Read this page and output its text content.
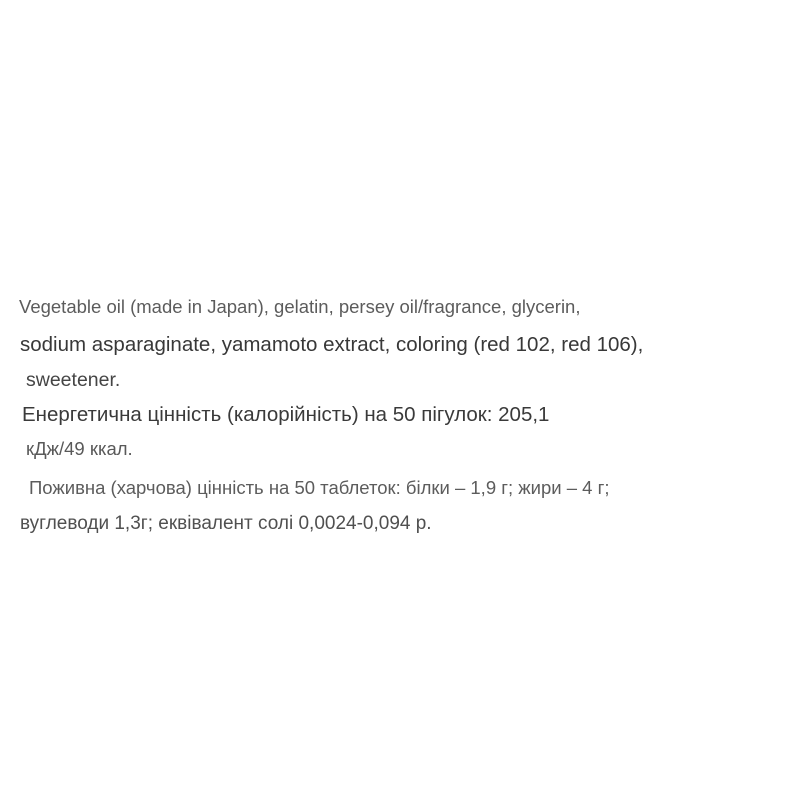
Vegetable oil (made in Japan), gelatin, persey oil/fragrance, glycerin,
sodium asparaginate, yamamoto extract, coloring (red 102, red 106),
sweetener.
Енергетична цінність (калорійність) на 50 пігулок: 205,1
кДж/49 ккал.
Поживна (харчова) цінність на 50 таблеток: білки – 1,9 г; жири – 4 г;
вуглеводи 1,3г; еквівалент солі 0,0024-0,094 р.
